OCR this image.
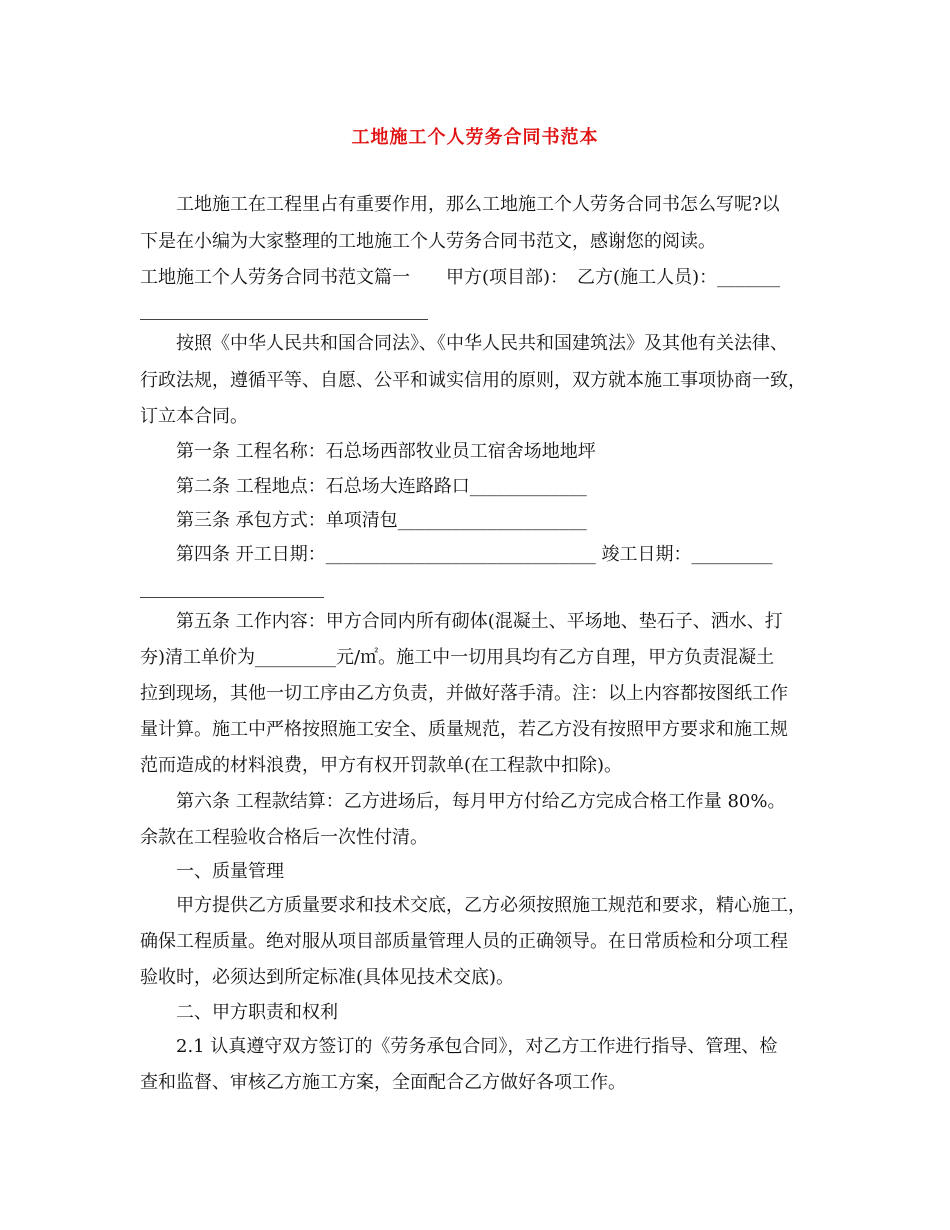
工地施工个人劳务合同书范本
工地施工在工程里占有重要作用，那么工地施工个人劳务合同书怎么写呢?以
下是在小编为大家整理的工地施工个人劳务合同书范文，感谢您的阅读。
工地施工个人劳务合同书范文篇一　　甲方(项目部)：　乙方(施工人员)：_______
按照《中华人民共和国合同法》、《中华人民共和国建筑法》及其他有关法律、
行政法规，遵循平等、自愿、公平和诚实信用的原则，双方就本施工事项协商一致，
订立本合同。
第一条 工程名称：石总场西部牧业员工宿舍场地地坪
第二条 工程地点：石总场大连路路口_____________
第三条 承包方式：单项清包_____________________
第四条 开工日期：______________________________ 竣工日期：_________
第五条 工作内容：甲方合同内所有砌体(混凝土、平场地、垫石子、洒水、打
夯)清工单价为_________元/㎡。施工中一切用具均有乙方自理，甲方负责混凝土
拉到现场，其他一切工序由乙方负责，并做好落手清。注：以上内容都按图纸工作
量计算。施工中严格按照施工安全、质量规范，若乙方没有按照甲方要求和施工规
范而造成的材料浪费，甲方有权开罚款单(在工程款中扣除)。
第六条 工程款结算：乙方进场后，每月甲方付给乙方完成合格工作量 80%。
余款在工程验收合格后一次性付清。
一、质量管理
甲方提供乙方质量要求和技术交底，乙方必须按照施工规范和要求，精心施工，
确保工程质量。绝对服从项目部质量管理人员的正确领导。在日常质检和分项工程
验收时，必须达到所定标准(具体见技术交底)。
二、甲方职责和权利
2.1 认真遵守双方签订的《劳务承包合同》，对乙方工作进行指导、管理、检
查和监督、审核乙方施工方案，全面配合乙方做好各项工作。
